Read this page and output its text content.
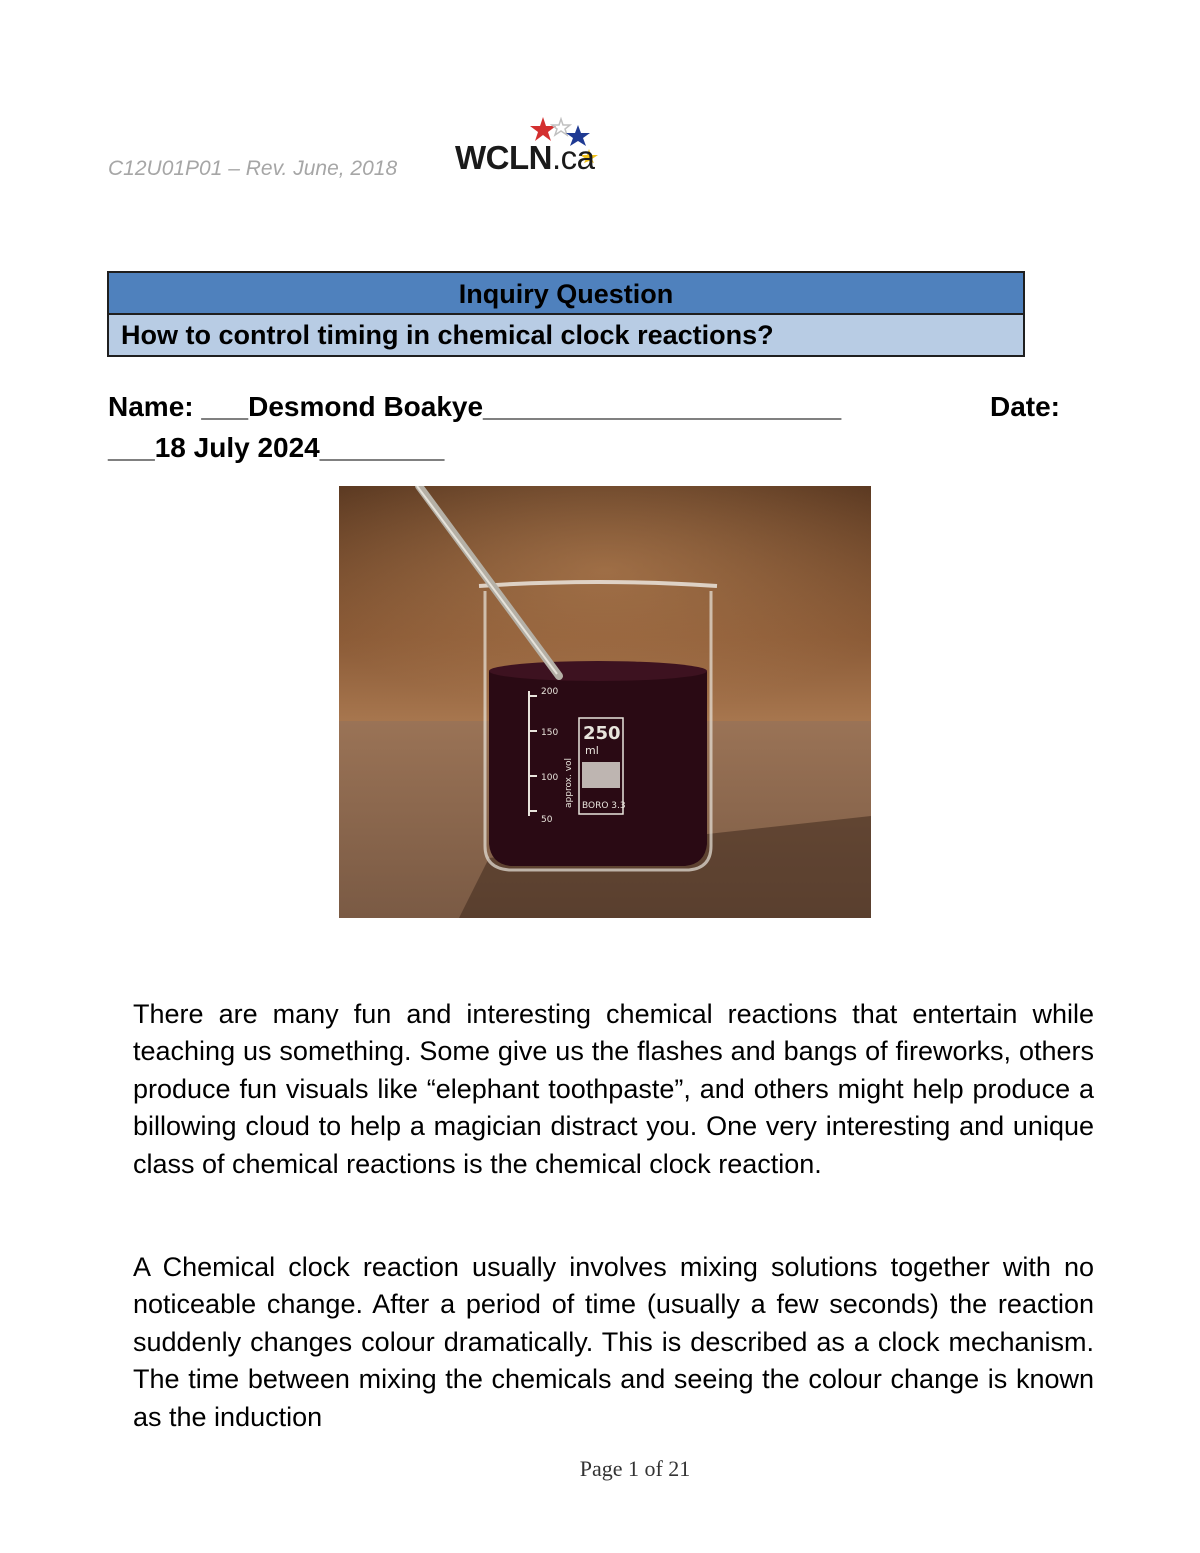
C12U01P01 – Rev. June, 2018 WCLN.ca
Inquiry Question
How to control timing in chemical clock reactions?
Name: ___Desmond Boakye_______________________	Date:
___18 July 2024________
200
150
100
50
approx. vol
250
ml
BORO 3.3
There are many fun and interesting chemical reactions that entertain while teaching us something. Some give us the flashes and bangs of fireworks, others produce fun visuals like “elephant toothpaste”, and others might help produce a billowing cloud to help a magician distract you. One very interesting and unique class of chemical reactions is the chemical clock reaction.
A Chemical clock reaction usually involves mixing solutions together with no noticeable change. After a period of time (usually a few seconds) the reaction suddenly changes colour dramatically. This is described as a clock mechanism. The time between mixing the chemicals and seeing the colour change is known as the induction
Page 1 of 21
